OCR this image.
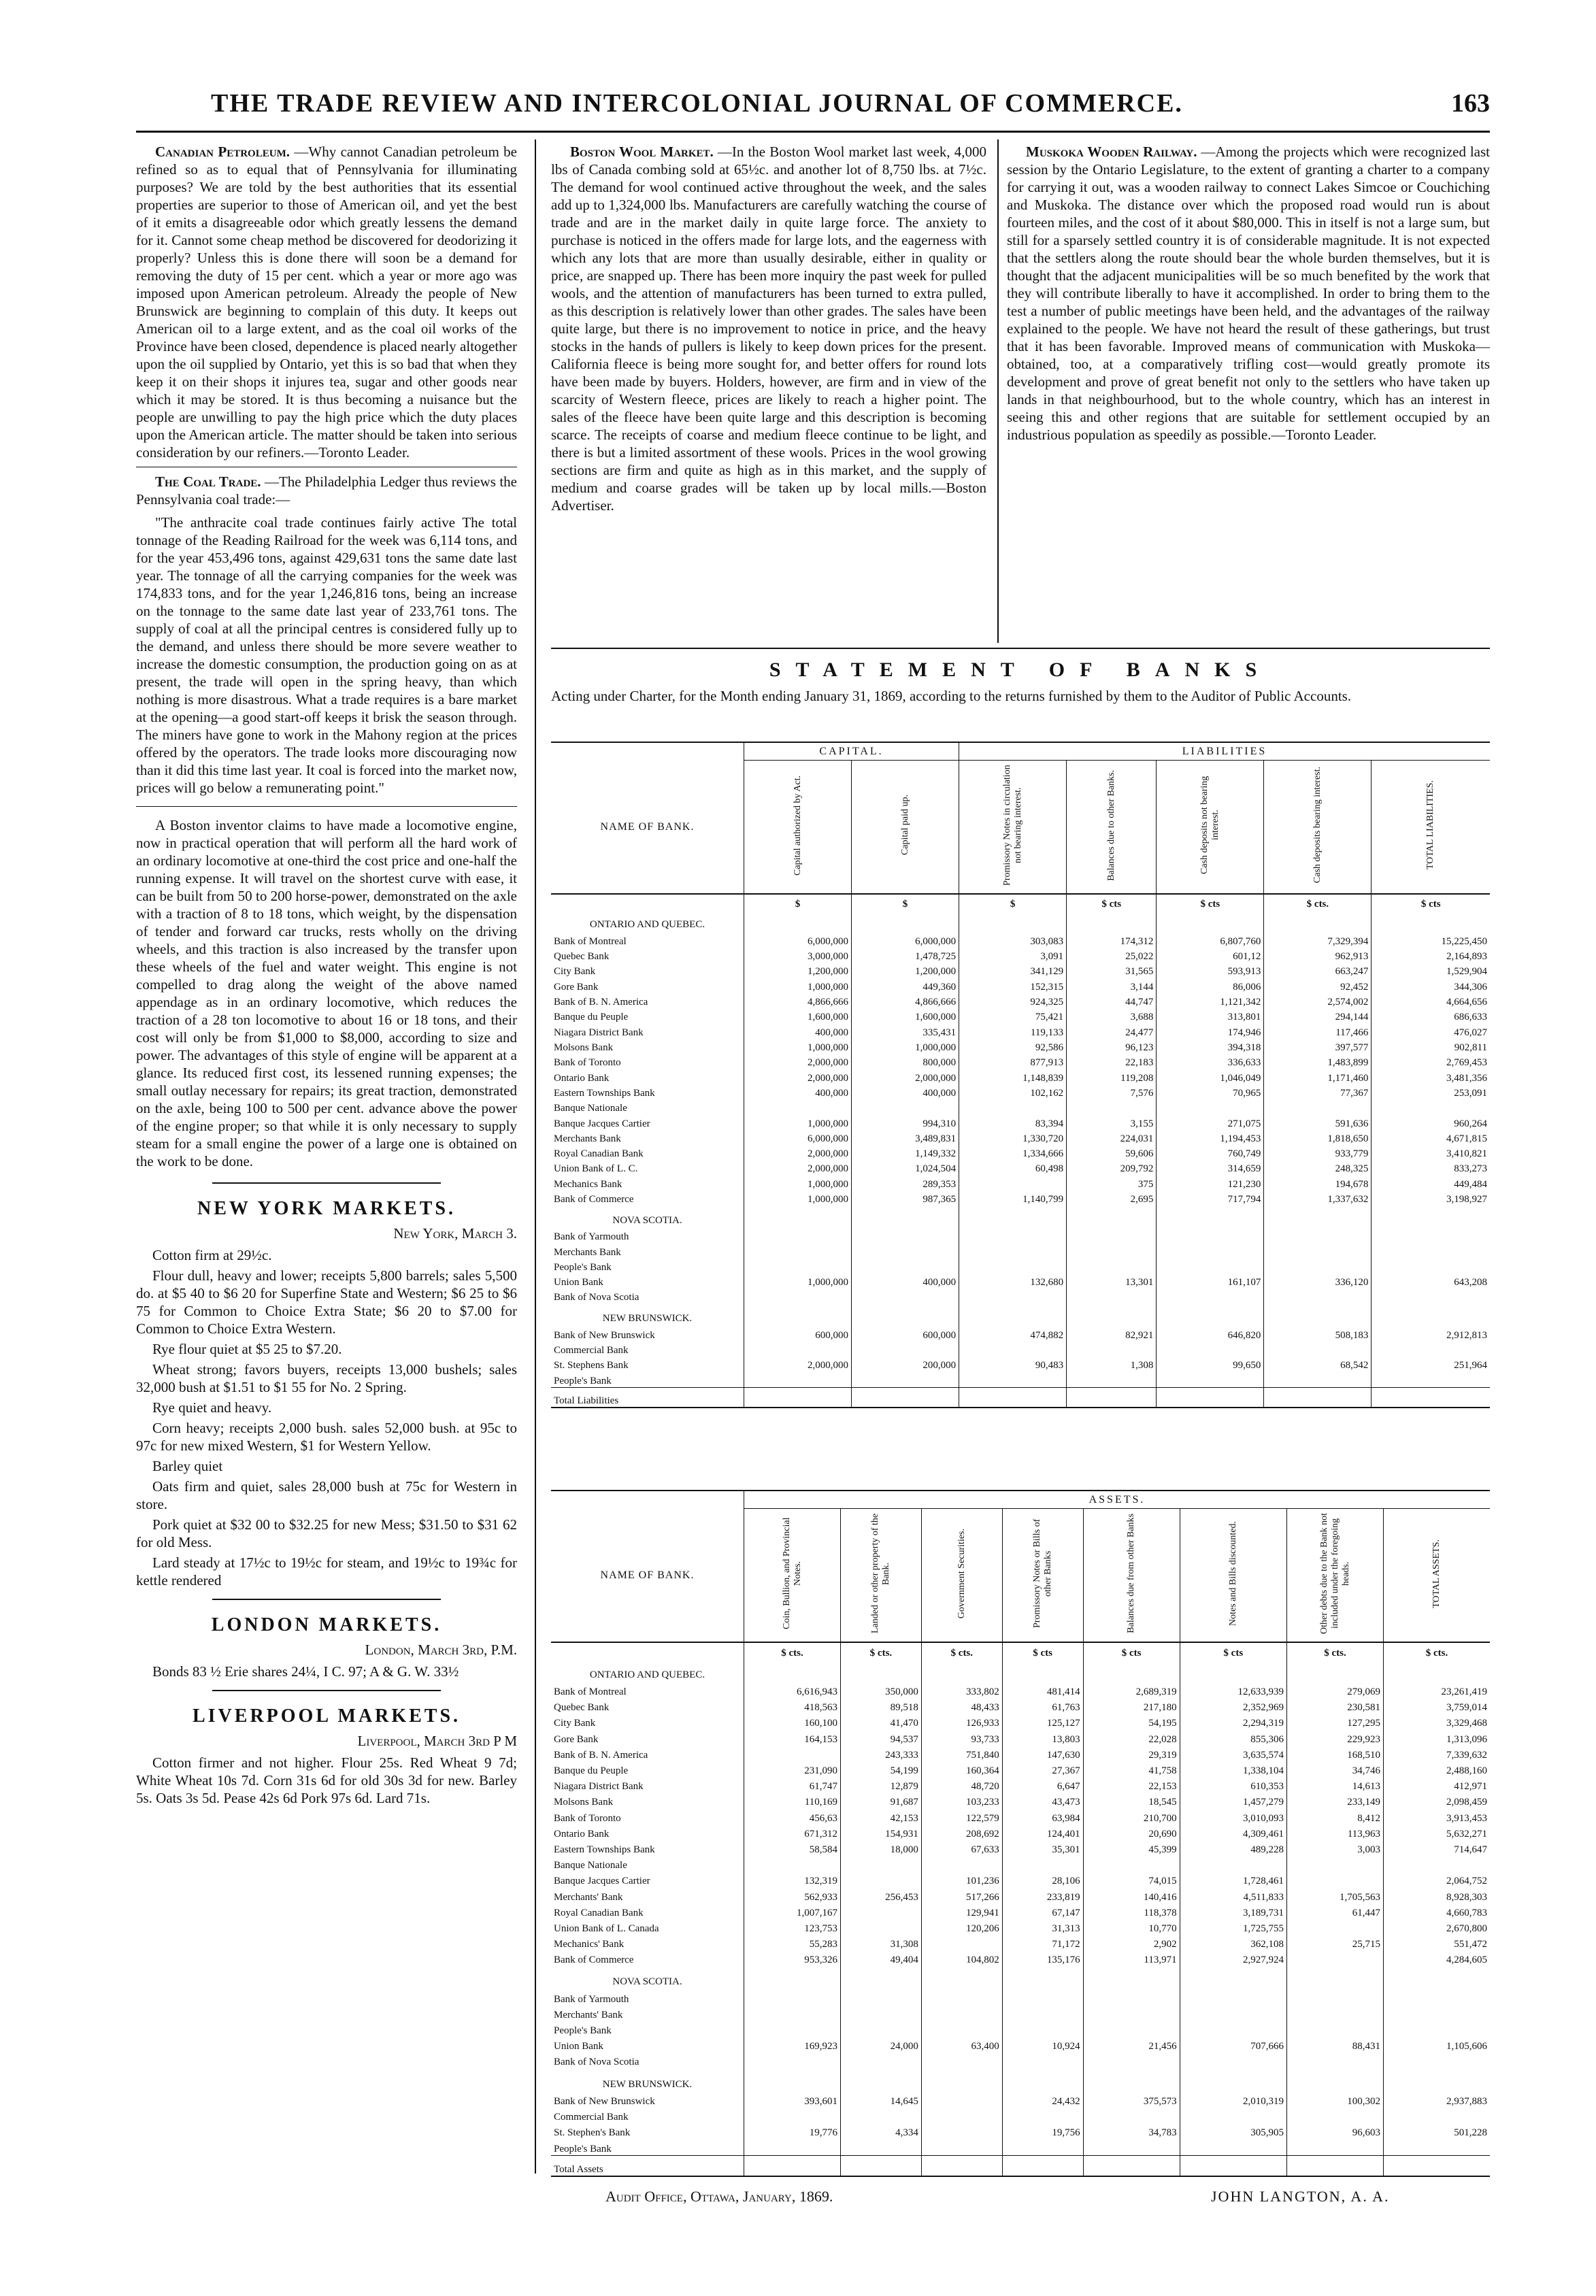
THE TRADE REVIEW AND INTERCOLONIAL JOURNAL OF COMMERCE.	163

Canadian Petroleum. —Why cannot Canadian petroleum be refined so as to equal that of Pennsylvania for illuminating purposes? We are told by the best authorities that its essential properties are superior to those of American oil, and yet the best of it emits a disagreeable odor which greatly lessens the demand for it. Cannot some cheap method be discovered for deodorizing it properly? Unless this is done there will soon be a demand for removing the duty of 15 per cent. which a year or more ago was imposed upon American petroleum. Already the people of New Brunswick are beginning to complain of this duty. It keeps out American oil to a large extent, and as the coal oil works of the Province have been closed, dependence is placed nearly altogether upon the oil supplied by Ontario, yet this is so bad that when they keep it on their shops it injures tea, sugar and other goods near which it may be stored. It is thus becoming a nuisance but the people are unwilling to pay the high price which the duty places upon the American article. The matter should be taken into serious consideration by our refiners.—Toronto Leader.

The Coal Trade. —The Philadelphia Ledger thus reviews the Pennsylvania coal trade:—

"The anthracite coal trade continues fairly active The total tonnage of the Reading Railroad for the week was 6,114 tons, and for the year 453,496 tons, against 429,631 tons the same date last year. The tonnage of all the carrying companies for the week was 174,833 tons, and for the year 1,246,816 tons, being an increase on the tonnage to the same date last year of 233,761 tons. The supply of coal at all the principal centres is considered fully up to the demand, and unless there should be more severe weather to increase the domestic consumption, the production going on as at present, the trade will open in the spring heavy, than which nothing is more disastrous. What a trade requires is a bare market at the opening—a good start-off keeps it brisk the season through. The miners have gone to work in the Mahony region at the prices offered by the operators. The trade looks more discouraging now than it did this time last year. It coal is forced into the market now, prices will go below a remunerating point."

A Boston inventor claims to have made a locomotive engine, now in practical operation that will perform all the hard work of an ordinary locomotive at one-third the cost price and one-half the running expense. It will travel on the shortest curve with ease, it can be built from 50 to 200 horse-power, demonstrated on the axle with a traction of 8 to 18 tons, which weight, by the dispensation of tender and forward car trucks, rests wholly on the driving wheels, and this traction is also increased by the transfer upon these wheels of the fuel and water weight. This engine is not compelled to drag along the weight of the above named appendage as in an ordinary locomotive, which reduces the traction of a 28 ton locomotive to about 16 or 18 tons, and their cost will only be from $1,000 to $8,000, according to size and power. The advantages of this style of engine will be apparent at a glance. Its reduced first cost, its lessened running expenses; the small outlay necessary for repairs; its great traction, demonstrated on the axle, being 100 to 500 per cent. advance above the power of the engine proper; so that while it is only necessary to supply steam for a small engine the power of a large one is obtained on the work to be done.

NEW YORK MARKETS.
New York, March 3.

Cotton firm at 29½c.

Flour dull, heavy and lower; receipts 5,800 barrels; sales 5,500 do. at $5 40 to $6 20 for Superfine State and Western; $6 25 to $6 75 for Common to Choice Extra State; $6 20 to $7.00 for Common to Choice Extra Western.

Rye flour quiet at $5 25 to $7.20.

Wheat strong; favors buyers, receipts 13,000 bushels; sales 32,000 bush at $1.51 to $1 55 for No. 2 Spring.

Rye quiet and heavy.

Corn heavy; receipts 2,000 bush. sales 52,000 bush. at 95c to 97c for new mixed Western, $1 for Western Yellow.

Barley quiet

Oats firm and quiet, sales 28,000 bush at 75c for Western in store.

Pork quiet at $32 00 to $32.25 for new Mess; $31.50 to $31 62 for old Mess.

Lard steady at 17½c to 19½c for steam, and 19½c to 19¾c for kettle rendered

LONDON MARKETS.
London, March 3rd, P.M.

Bonds 83 ½ Erie shares 24¼, I C. 97; A & G. W. 33½

LIVERPOOL MARKETS.
Liverpool, March 3rd P M

Cotton firmer and not higher. Flour 25s. Red Wheat 9 7d; White Wheat 10s 7d. Corn 31s 6d for old 30s 3d for new. Barley 5s. Oats 3s 5d. Pease 42s 6d Pork 97s 6d. Lard 71s.

Boston Wool Market. —In the Boston Wool market last week, 4,000 lbs of Canada combing sold at 65½c. and another lot of 8,750 lbs. at 7½c. The demand for wool continued active throughout the week, and the sales add up to 1,324,000 lbs. Manufacturers are carefully watching the course of trade and are in the market daily in quite large force. The anxiety to purchase is noticed in the offers made for large lots, and the eagerness with which any lots that are more than usually desirable, either in quality or price, are snapped up. There has been more inquiry the past week for pulled wools, and the attention of manufacturers has been turned to extra pulled, as this description is relatively lower than other grades. The sales have been quite large, but there is no improvement to notice in price, and the heavy stocks in the hands of pullers is likely to keep down prices for the present. California fleece is being more sought for, and better offers for round lots have been made by buyers. Holders, however, are firm and in view of the scarcity of Western fleece, prices are likely to reach a higher point. The sales of the fleece have been quite large and this description is becoming scarce. The receipts of coarse and medium fleece continue to be light, and there is but a limited assortment of these wools. Prices in the wool growing sections are firm and quite as high as in this market, and the supply of medium and coarse grades will be taken up by local mills.—Boston Advertiser.

Muskoka Wooden Railway. —Among the projects which were recognized last session by the Ontario Legislature, to the extent of granting a charter to a company for carrying it out, was a wooden railway to connect Lakes Simcoe or Couchiching and Muskoka. The distance over which the proposed road would run is about fourteen miles, and the cost of it about $80,000. This in itself is not a large sum, but still for a sparsely settled country it is of considerable magnitude. It is not expected that the settlers along the route should bear the whole burden themselves, but it is thought that the adjacent municipalities will be so much benefited by the work that they will contribute liberally to have it accomplished. In order to bring them to the test a number of public meetings have been held, and the advantages of the railway explained to the people. We have not heard the result of these gatherings, but trust that it has been favorable. Improved means of communication with Muskoka—obtained, too, at a comparatively trifling cost—would greatly promote its development and prove of great benefit not only to the settlers who have taken up lands in that neighbourhood, but to the whole country, which has an interest in seeing this and other regions that are suitable for settlement occupied by an industrious population as speedily as possible.—Toronto Leader.

STATEMENT OF BANKS
Acting under Charter, for the Month ending January 31, 1869, according to the returns furnished by them to the Auditor of Public Accounts.
	CAPITAL.		LIABILITIES				
NAME OF BANK.	Capital authorized by Act.	Capital paid up.	Promissory Notes in circulation not bearing interest.	Balances due to other Banks.	Cash deposits not bearing interest.	Cash deposits bearing interest.	TOTAL LIABILITIES.
	$	$	$	$ cts	$ cts	$ cts.	$ cts
ONTARIO AND QUEBEC.							
Bank of Montreal	6,000,000	6,000,000	303,083	174,312	6,807,760	7,329,394	15,225,450
Quebec Bank	3,000,000	1,478,725	3,091	25,022	601,12	962,913	2,164,893
City Bank	1,200,000	1,200,000	341,129	31,565	593,913	663,247	1,529,904
Gore Bank	1,000,000	449,360	152,315	3,144	86,006	92,452	344,306
Bank of B. N. America	4,866,666	4,866,666	924,325	44,747	1,121,342	2,574,002	4,664,656
Banque du Peuple	1,600,000	1,600,000	75,421	3,688	313,801	294,144	686,633
Niagara District Bank	400,000	335,431	119,133	24,477	174,946	117,466	476,027
Molsons Bank	1,000,000	1,000,000	92,586	96,123	394,318	397,577	902,811
Bank of Toronto	2,000,000	800,000	877,913	22,183	336,633	1,483,899	2,769,453
Ontario Bank	2,000,000	2,000,000	1,148,839	119,208	1,046,049	1,171,460	3,481,356
Eastern Townships Bank	400,000	400,000	102,162	7,576	70,965	77,367	253,091
Banque Nationale							
Banque Jacques Cartier	1,000,000	994,310	83,394	3,155	271,075	591,636	960,264
Merchants Bank	6,000,000	3,489,831	1,330,720	224,031	1,194,453	1,818,650	4,671,815
Royal Canadian Bank	2,000,000	1,149,332	1,334,666	59,606	760,749	933,779	3,410,821
Union Bank of L. C.	2,000,000	1,024,504	60,498	209,792	314,659	248,325	833,273
Mechanics Bank	1,000,000	289,353		375	121,230	194,678	449,484
Bank of Commerce	1,000,000	987,365	1,140,799	2,695	717,794	1,337,632	3,198,927
NOVA SCOTIA.							
Bank of Yarmouth							
Merchants Bank							
People's Bank							
Union Bank	1,000,000	400,000	132,680	13,301	161,107	336,120	643,208
Bank of Nova Scotia							
NEW BRUNSWICK.							
Bank of New Brunswick	600,000	600,000	474,882	82,921	646,820	508,183	2,912,813
Commercial Bank							
St. Stephens Bank	2,000,000	200,000	90,483	1,308	99,650	68,542	251,964
People's Bank							
Total Liabilities							
	ASSETS.							
NAME OF BANK.	Coin, Bullion, and Provincial Notes.	Landed or other property of the Bank.	Government Securities.	Promissory Notes or Bills of other Banks	Balances due from other Banks	Notes and Bills discounted.	Other debts due to the Bank not included under the foregoing heads.	TOTAL ASSETS.
	$ cts.	$ cts.	$ cts.	$ cts	$ cts	$ cts	$ cts.	$ cts.
ONTARIO AND QUEBEC.								
Bank of Montreal	6,616,943	350,000	333,802	481,414	2,689,319	12,633,939	279,069	23,261,419
Quebec Bank	418,563	89,518	48,433	61,763	217,180	2,352,969	230,581	3,759,014
City Bank	160,100	41,470	126,933	125,127	54,195	2,294,319	127,295	3,329,468
Gore Bank	164,153	94,537	93,733	13,803	22,028	855,306	229,923	1,313,096
Bank of B. N. America		243,333	751,840	147,630	29,319	3,635,574	168,510	7,339,632
Banque du Peuple	231,090	54,199	160,364	27,367	41,758	1,338,104	34,746	2,488,160
Niagara District Bank	61,747	12,879	48,720	6,647	22,153	610,353	14,613	412,971
Molsons Bank	110,169	91,687	103,233	43,473	18,545	1,457,279	233,149	2,098,459
Bank of Toronto	456,63	42,153	122,579	63,984	210,700	3,010,093	8,412	3,913,453
Ontario Bank	671,312	154,931	208,692	124,401	20,690	4,309,461	113,963	5,632,271
Eastern Townships Bank	58,584	18,000	67,633	35,301	45,399	489,228	3,003	714,647
Banque Nationale								
Banque Jacques Cartier	132,319		101,236	28,106	74,015	1,728,461		2,064,752
Merchants' Bank	562,933	256,453	517,266	233,819	140,416	4,511,833	1,705,563	8,928,303
Royal Canadian Bank	1,007,167		129,941	67,147	118,378	3,189,731	61,447	4,660,783
Union Bank of L. Canada	123,753		120,206	31,313	10,770	1,725,755		2,670,800
Mechanics' Bank	55,283	31,308		71,172	2,902	362,108	25,715	551,472
Bank of Commerce	953,326	49,404	104,802	135,176	113,971	2,927,924		4,284,605
NOVA SCOTIA.								
Bank of Yarmouth								
Merchants' Bank								
People's Bank								
Union Bank	169,923	24,000	63,400	10,924	21,456	707,666	88,431	1,105,606
Bank of Nova Scotia								
NEW BRUNSWICK.								
Bank of New Brunswick	393,601	14,645		24,432	375,573	2,010,319	100,302	2,937,883
Commercial Bank								
St. Stephen's Bank	19,776	4,334		19,756	34,783	305,905	96,603	501,228
People's Bank								
Total Assets								
Audit Office, Ottawa, January, 1869.	JOHN LANGTON, A. A.
